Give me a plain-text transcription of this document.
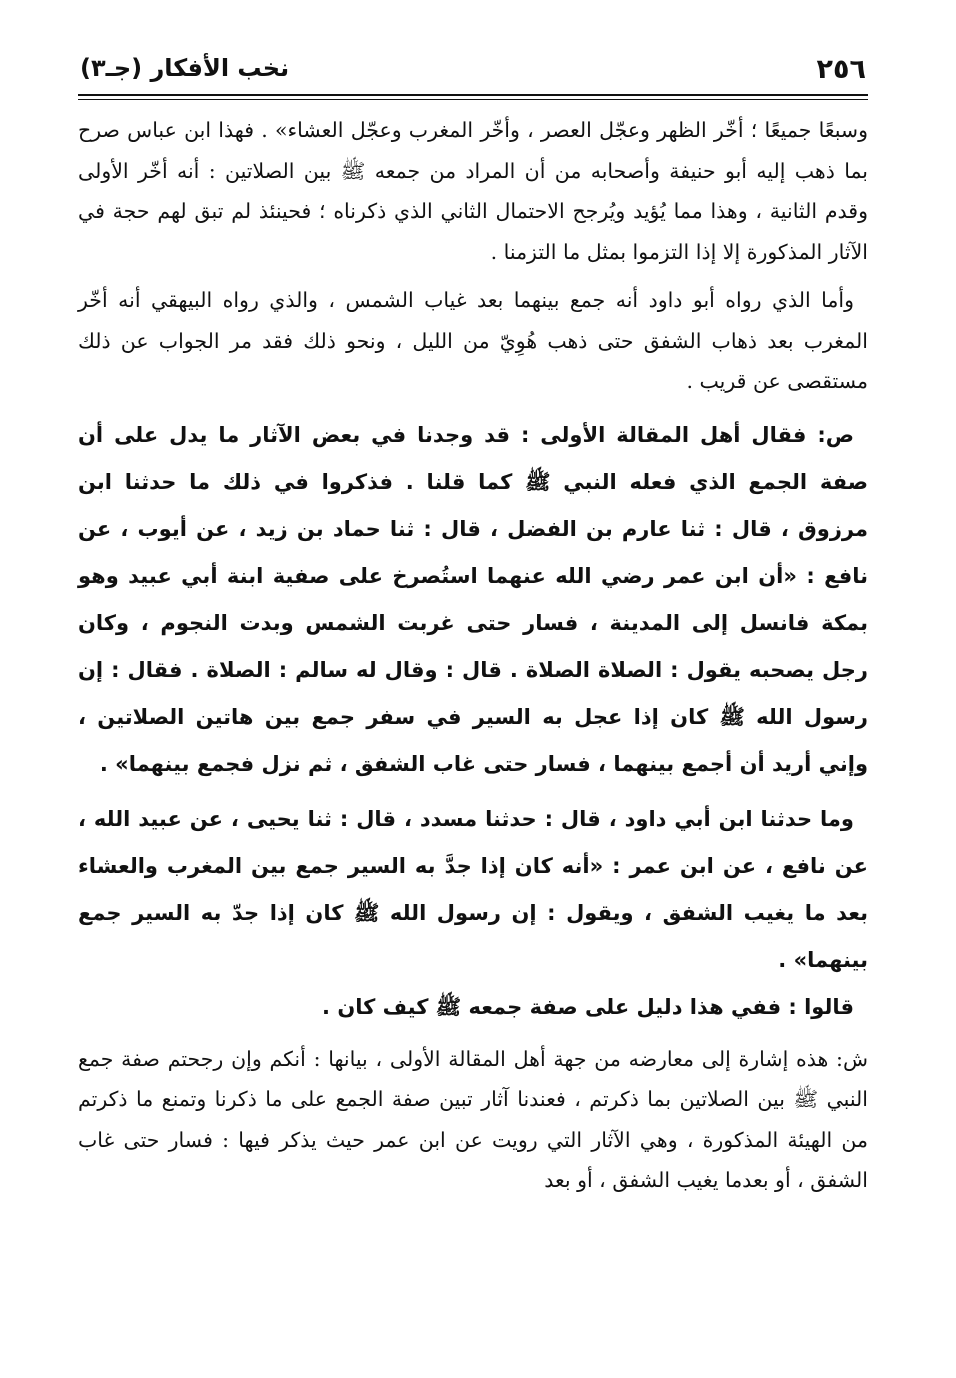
٢٥٦
نخب الأفكار (جـ٣)

وسبعًا جميعًا ؛ أخّر الظهر وعجّل العصر ، وأخّر المغرب وعجّل العشاء» . فهذا ابن عباس صرح بما ذهب إليه أبو حنيفة وأصحابه من أن المراد من جمعه ﷺ بين الصلاتين : أنه أخّر الأولى وقدم الثانية ، وهذا مما يُؤيد ويُرجح الاحتمال الثاني الذي ذكرناه ؛ فحينئذ لم تبق لهم حجة في الآثار المذكورة إلا إذا التزموا بمثل ما التزمنا .

وأما الذي رواه أبو داود أنه جمع بينهما بعد غياب الشمس ، والذي رواه البيهقي أنه أخّر المغرب بعد ذهاب الشفق حتى ذهب هُوِيّ من الليل ، ونحو ذلك فقد مر الجواب عن ذلك مستقصى عن قريب .

ص: فقال أهل المقالة الأولى : قد وجدنا في بعض الآثار ما يدل على أن صفة الجمع الذي فعله النبي ﷺ كما قلنا . فذكروا في ذلك ما حدثنا ابن مرزوق ، قال : ثنا عارم بن الفضل ، قال : ثنا حماد بن زيد ، عن أيوب ، عن نافع : «أن ابن عمر رضي الله عنهما استُصرخ على صفية ابنة أبي عبيد وهو بمكة فانسل إلى المدينة ، فسار حتى غربت الشمس وبدت النجوم ، وكان رجل يصحبه يقول : الصلاة الصلاة . قال : وقال له سالم : الصلاة . فقال : إن رسول الله ﷺ كان إذا عجل به السير في سفر جمع بين هاتين الصلاتين ، وإني أريد أن أجمع بينهما ، فسار حتى غاب الشفق ، ثم نزل فجمع بينهما» .

وما حدثنا ابن أبي داود ، قال : حدثنا مسدد ، قال : ثنا يحيى ، عن عبيد الله ، عن نافع ، عن ابن عمر : «أنه كان إذا جدَّ به السير جمع بين المغرب والعشاء بعد ما يغيب الشفق ، ويقول : إن رسول الله ﷺ كان إذا جدّ به السير جمع بينهما» .

قالوا : ففي هذا دليل على صفة جمعه ﷺ كيف كان .

ش: هذه إشارة إلى معارضه من جهة أهل المقالة الأولى ، بيانها : أنكم وإن رجحتم صفة جمع النبي ﷺ بين الصلاتين بما ذكرتم ، فعندنا آثار تبين صفة الجمع على ما ذكرنا وتمنع ما ذكرتم من الهيئة المذكورة ، وهي الآثار التي رويت عن ابن عمر حيث يذكر فيها : فسار حتى غاب الشفق ، أو بعدما يغيب الشفق ، أو بعد
